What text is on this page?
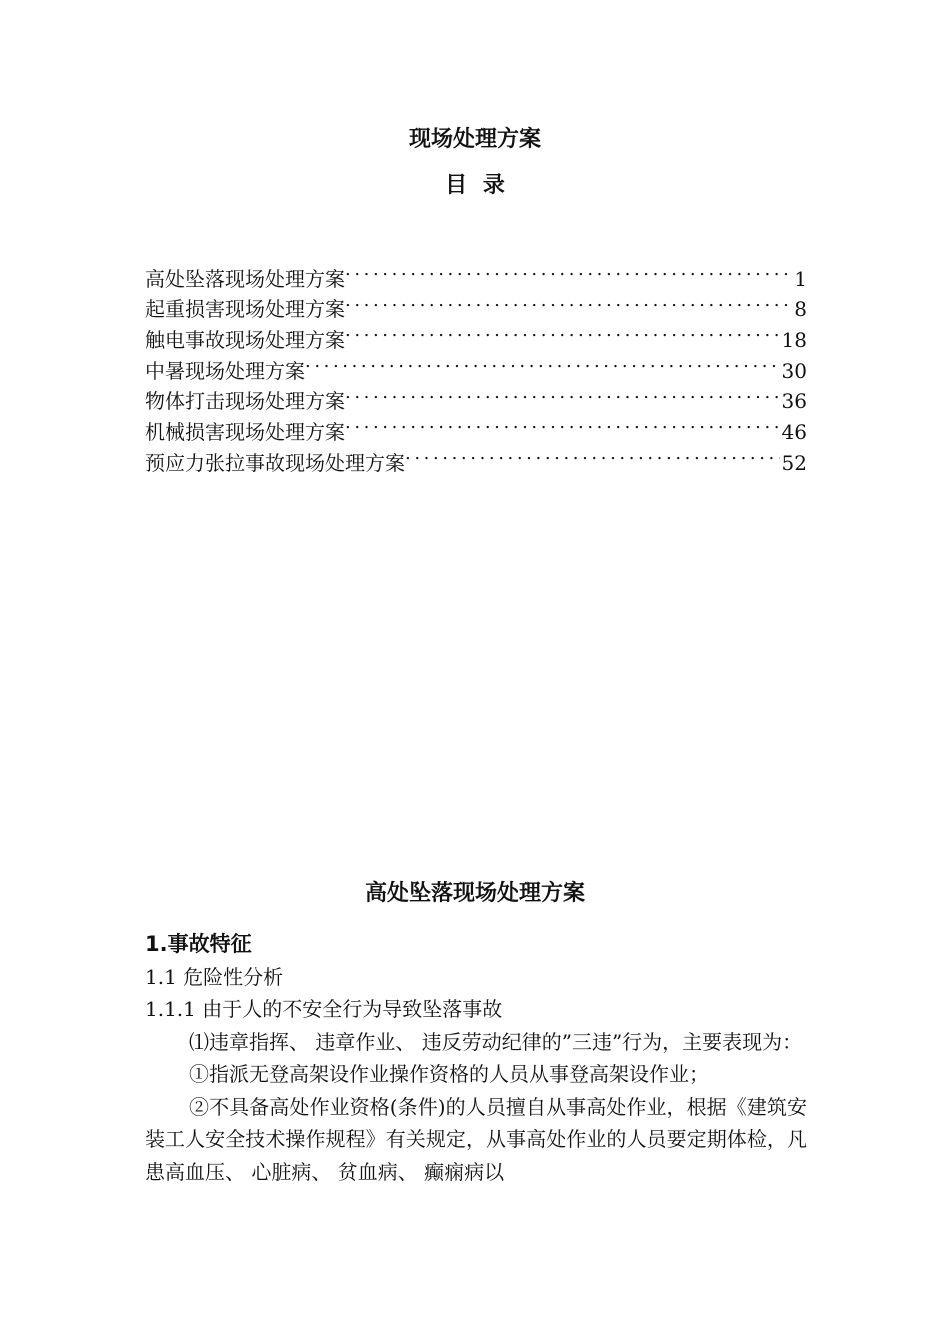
现场处理方案
目 录
高处坠落现场处理方案 .....	1
起重损害现场处理方案 .....	8
触电事故现场处理方案 .....	18
中暑现场处理方案 .....	30
物体打击现场处理方案 .....	36
机械损害现场处理方案 .....	46
预应力张拉事故现场处理方案 .....	52
高处坠落现场处理方案

1.事故特征

1.1 危险性分析

1.1.1 由于人的不安全行为导致坠落事故

⑴违章指挥、 违章作业、 违反劳动纪律的”三违”行为，主要表现为：

①指派无登高架设作业操作资格的人员从事登高架设作业；

②不具备高处作业资格(条件)的人员擅自从事高处作业，根据《建筑安装工人安全技术操作规程》有关规定，从事高处作业的人员要定期体检，凡患高血压、 心脏病、 贫血病、 癫痫病以
